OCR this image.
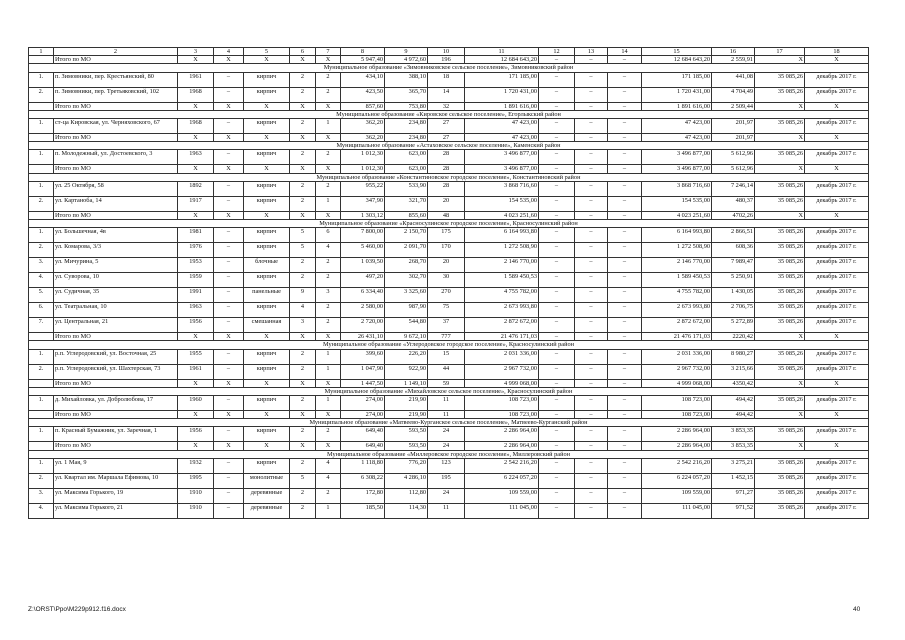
1	2	3	4	5	6	7	8	9	10	11	12	13	14	15	16	17	18
	Итого по МО	X	X	X	X	X	5 947,40	4 972,60	196	12 684 643,20	–	–	–	12 684 643,20	2 559,91	X	X
Муниципальное образование «Зимовниковское сельское поселение», Зимовниковский район																	
1.	п. Зимовники, пер. Крестьянский, 80	1961	–	кирпич	2	2	434,10	388,10	18	171 185,00	–	–	–	171 185,00	441,08	35 085,26	декабрь 2017 г.
2.	п. Зимовники, пер. Третьяковский, 102	1968	–	кирпич	2	2	423,50	365,70	14	1 720 431,00	–	–	–	1 720 431,00	4 704,49	35 085,26	декабрь 2017 г.
	Итого по МО	X	X	X	X	X	857,60	753,80	32	1 891 616,00	–	–	–	1 891 616,00	2 509,44	X	X
Муниципальное образование «Кировское сельское поселение», Егорлыкский район																	
1.	ст-ца Кировская, ул. Черняховского, 67	1968	–	кирпич	2	1	362,20	234,80	27	47 423,00	–	–	–	47 423,00	201,97	35 085,26	декабрь 2017 г.
	Итого по МО	X	X	X	X	X	362,20	234,80	27	47 423,00	–	–	–	47 423,00	201,97	X	X
Муниципальное образование «Астаховское сельское поселение», Каменский район																	
1.	п. Молодежный, ул. Достоевского, 3	1963	–	кирпич	2	2	1 012,30	623,00	28	3 496 877,00	–	–	–	3 496 877,00	5 612,96	35 085,26	декабрь 2017 г.
	Итого по МО	X	X	X	X	X	1 012,30	623,00	28	3 496 877,00	–	–	–	3 496 877,00	5 612,96	X	X
Муниципальное образование «Константиновское городское поселение», Константиновский район																	
1.	ул. 25 Октября, 58	1892	–	кирпич	2	2	955,22	533,90	28	3 868 716,60	–	–	–	3 868 716,60	7 246,14	35 085,26	декабрь 2017 г.
2.	ул. Картаноба, 14	1917	–	кирпич	2	1	347,90	321,70	20	154 535,00	–	–	–	154 535,00	480,37	35 085,26	декабрь 2017 г.
	Итого по МО	X	X	X	X	X	1 303,12	855,60	48	4 023 251,60	–	–	–	4 023 251,60	4702,26	X	X
Муниципальное образование «Красносулинское городское поселение», Красносулинский район																	
1.	ул. Большечная, 4в	1981	–	кирпич	5	6	7 800,00	2 150,70	175	6 164 993,80	–	–	–	6 164 993,80	2 866,51	35 085,26	декабрь 2017 г.
2.	ул. Комарова, 3/3	1976	–	кирпич	5	4	5 460,00	2 091,70	170	1 272 508,90	–	–	–	1 272 508,90	608,36	35 085,26	декабрь 2017 г.
3.	ул. Мичурина, 5	1953	–	блочные	2	2	1 039,50	268,70	20	2 146 770,00	–	–	–	2 146 770,00	7 989,47	35 085,26	декабрь 2017 г.
4.	ул. Суворова, 10	1959	–	кирпич	2	2	497,20	302,70	30	1 589 450,53	–	–	–	1 589 450,53	5 250,91	35 085,26	декабрь 2017 г.
5.	ул. Судичная, 35	1991	–	панельные	9	3	6 334,40	3 325,60	270	4 755 782,00	–	–	–	4 755 782,00	1 430,05	35 085,26	декабрь 2017 г.
6.	ул. Театральная, 10	1963	–	кирпич	4	2	2 580,00	987,90	75	2 673 993,80	–	–	–	2 673 993,80	2 706,75	35 085,26	декабрь 2017 г.
7.	ул. Центральная, 21	1956	–	смешанная	3	2	2 720,00	544,80	37	2 872 672,00	–	–	–	2 872 672,00	5 272,89	35 085,26	декабрь 2017 г.
	Итого по МО	X	X	X	X	X	26 431,10	9 672,10	777	21 476 171,03	–	–	–	21 476 171,03	2220,42	X	X
Муниципальное образование «Углеродовское городское поселение», Красносулинский район																	
1.	р.п. Углеродовский, ул. Восточная, 25	1955	–	кирпич	2	1	399,60	226,20	15	2 031 336,00	–	–	–	2 031 336,00	8 980,27	35 085,26	декабрь 2017 г.
2.	р.п. Углеродовский, ул. Шахтерская, 73	1961	–	кирпич	2	1	1 047,90	922,90	44	2 967 732,00	–	–	–	2 967 732,00	3 215,66	35 085,26	декабрь 2017 г.
	Итого по МО	X	X	X	X	X	1 447,50	1 149,10	59	4 999 068,00	–	–	–	4 999 068,00	4350,42	X	X
Муниципальное образование «Михайловское сельское поселение», Красносулинский район																	
1.	д. Михайловка, ул. Добролюбова, 17	1960	–	кирпич	2	1	274,00	219,90	11	108 723,00	–	–	–	108 723,00	494,42	35 085,26	декабрь 2017 г.
	Итого по МО	X	X	X	X	X	274,00	219,90	11	108 723,00	–	–	–	108 723,00	494,42	X	X
Муниципальное образование «Матвеево-Курганское сельское поселение», Матвеево-Курганский район																	
1.	п. Красный Бумажник, ул. Заречная, 1	1956	–	кирпич	2	2	649,40	593,50	24	2 286 964,00	–	–	–	2 286 964,00	3 853,35	35 085,26	декабрь 2017 г.
	Итого по МО	X	X	X	X	X	649,40	593,50	24	2 286 964,00	–	–	–	2 286 964,00	3 853,35	X	X
Муниципальное образование «Миллеровское городское поселение», Миллеровский район																	
1.	ул. 1 Мая, 9	1932	–	кирпич	2	4	1 118,80	776,20	123	2 542 216,20	–	–	–	2 542 216,20	3 275,21	35 085,26	декабрь 2017 г.
2.	ул. Квартал им. Маршала Ефимова, 10	1995	–	монолитные	5	4	6 308,22	4 286,10	195	6 224 057,20	–	–	–	6 224 057,20	1 452,15	35 085,26	декабрь 2017 г.
3.	ул. Максима Горького, 19	1910	–	деревянные	2	2	172,80	112,80	24	109 559,00	–	–	–	109 559,00	971,27	35 085,26	декабрь 2017 г.
4.	ул. Максима Горького, 21	1910	–	деревянные	2	1	185,50	114,30	11	111 045,00	–	–	–	111 045,00	971,52	35 085,26	декабрь 2017 г.
Z:\ORST\Ppo\M229p912.f16.docx	40
